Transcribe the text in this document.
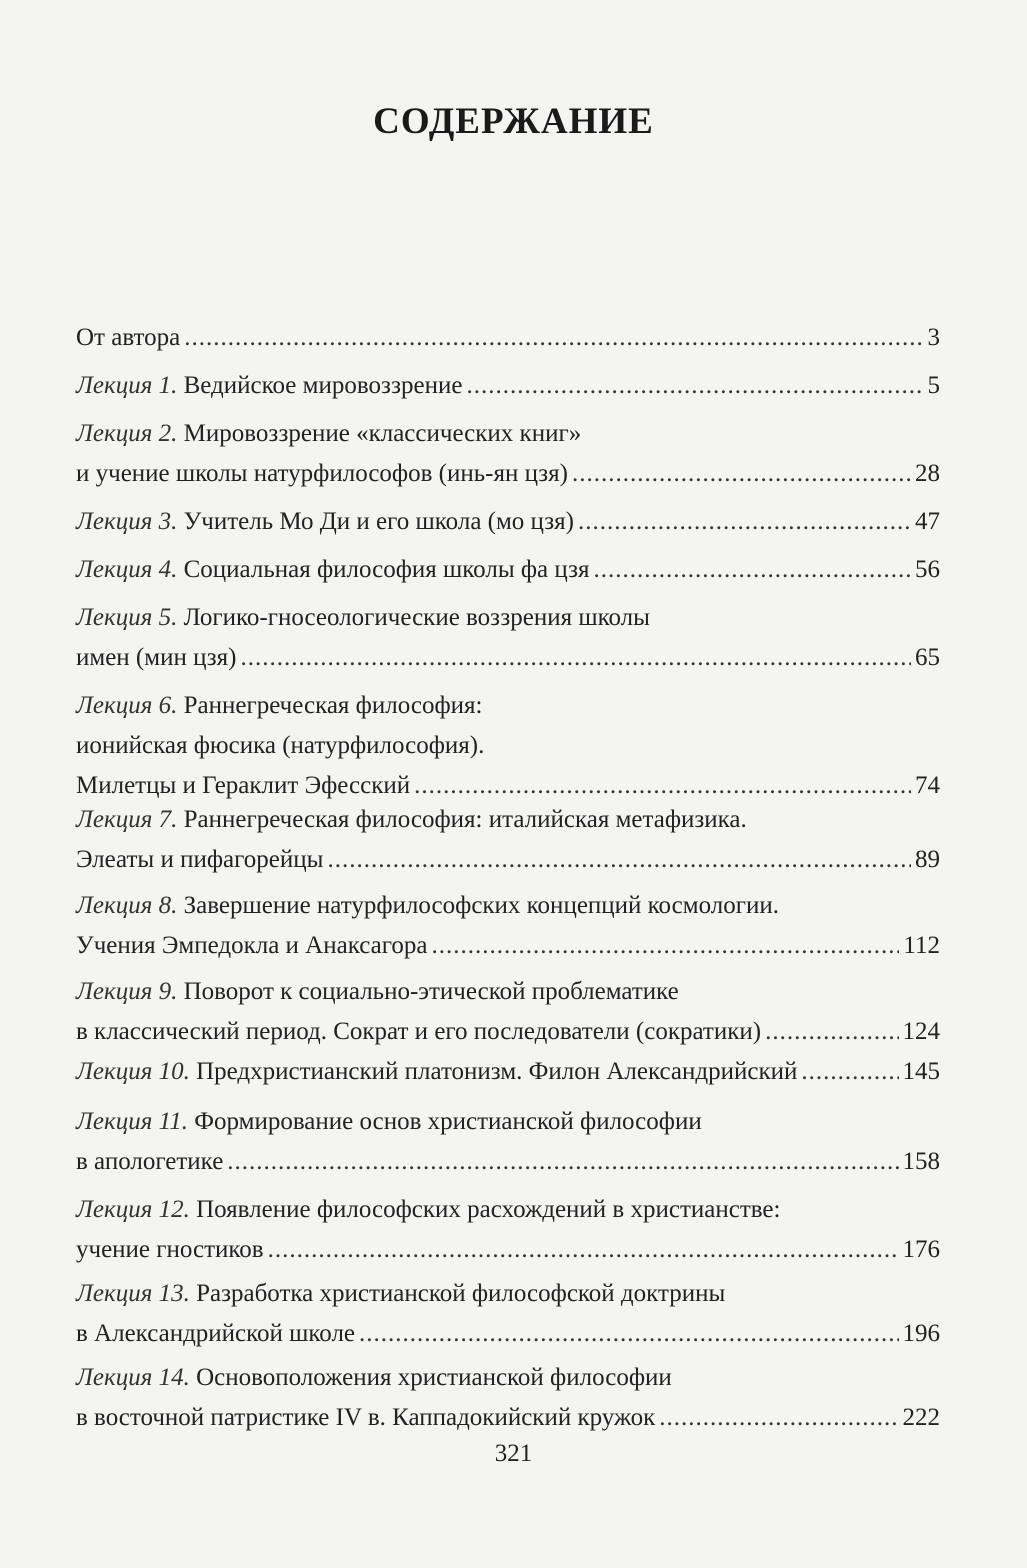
СОДЕРЖАНИЕ
От автора .....	3
Лекция 1. Ведийское мировоззрение .....	5
Лекция 2. Мировоззрение «классических книг»
и учение школы натурфилософов (инь-ян цзя) .....	28
Лекция 3. Учитель Мо Ди и его школа (мо цзя) .....	47
Лекция 4. Социальная философия школы фа цзя .....	56
Лекция 5. Логико-гносеологические воззрения школы
имен (мин цзя) .....	65
Лекция 6. Раннегреческая философия:
ионийская фюсика (натурфилософия).
Милетцы и Гераклит Эфесский .....	74
Лекция 7. Раннегреческая философия: италийская метафизика.
Элеаты и пифагорейцы .....	89
Лекция 8. Завершение натурфилософских концепций космологии.
Учения Эмпедокла и Анаксагора .....	112
Лекция 9. Поворот к социально-этической проблематике
в классический период. Сократ и его последователи (сократики) .....	124
Лекция 10. Предхристианский платонизм. Филон Александрийский .....	145
Лекция 11. Формирование основ христианской философии
в апологетике .....	158
Лекция 12. Появление философских расхождений в христианстве:
учение гностиков .....	176
Лекция 13. Разработка христианской философской доктрины
в Александрийской школе .....	196
Лекция 14. Основоположения христианской философии
в восточной патристике IV в. Каппадокийский кружок .....	222
321
